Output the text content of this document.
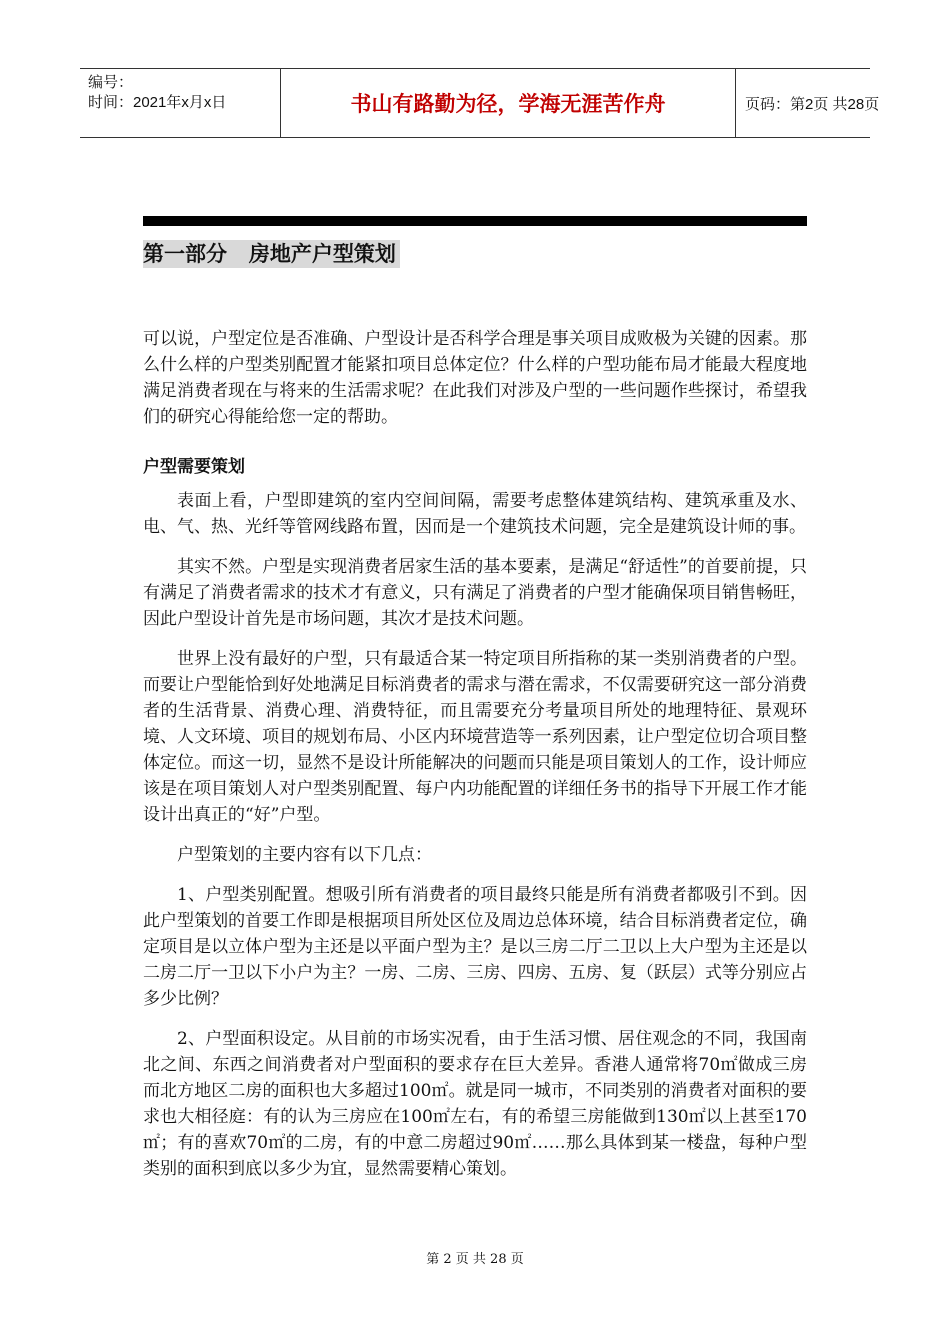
编号：
时间：2021年x月x日	书山有路勤为径，学海无涯苦作舟	页码：第2页 共28页
第一部分   房地产户型策划

可以说，户型定位是否准确、户型设计是否科学合理是事关项目成败极为关键的因素。那么什么样的户型类别配置才能紧扣项目总体定位？什么样的户型功能布局才能最大程度地满足消费者现在与将来的生活需求呢？在此我们对涉及户型的一些问题作些探讨，希望我们的研究心得能给您一定的帮助。

户型需要策划

表面上看，户型即建筑的室内空间间隔，需要考虑整体建筑结构、建筑承重及水、电、气、热、光纤等管网线路布置，因而是一个建筑技术问题，完全是建筑设计师的事。

其实不然。户型是实现消费者居家生活的基本要素，是满足“舒适性”的首要前提，只有满足了消费者需求的技术才有意义，只有满足了消费者的户型才能确保项目销售畅旺，因此户型设计首先是市场问题，其次才是技术问题。

世界上没有最好的户型，只有最适合某一特定项目所指称的某一类别消费者的户型。而要让户型能恰到好处地满足目标消费者的需求与潜在需求，不仅需要研究这一部分消费者的生活背景、消费心理、消费特征，而且需要充分考量项目所处的地理特征、景观环境、人文环境、项目的规划布局、小区内环境营造等一系列因素，让户型定位切合项目整体定位。而这一切，显然不是设计所能解决的问题而只能是项目策划人的工作，设计师应该是在项目策划人对户型类别配置、每户内功能配置的详细任务书的指导下开展工作才能设计出真正的“好”户型。

户型策划的主要内容有以下几点：

1、户型类别配置。想吸引所有消费者的项目最终只能是所有消费者都吸引不到。因此户型策划的首要工作即是根据项目所处区位及周边总体环境，结合目标消费者定位，确定项目是以立体户型为主还是以平面户型为主？是以三房二厅二卫以上大户型为主还是以二房二厅一卫以下小户为主？一房、二房、三房、四房、五房、复（跃层）式等分别应占多少比例？

2、户型面积设定。从目前的市场实况看，由于生活习惯、居住观念的不同，我国南北之间、东西之间消费者对户型面积的要求存在巨大差异。香港人通常将70㎡做成三房而北方地区二房的面积也大多超过100㎡。就是同一城市，不同类别的消费者对面积的要求也大相径庭：有的认为三房应在100㎡左右，有的希望三房能做到130㎡以上甚至170㎡；有的喜欢70㎡的二房，有的中意二房超过90㎡……那么具体到某一楼盘，每种户型类别的面积到底以多少为宜，显然需要精心策划。

第 2 页 共 28 页
